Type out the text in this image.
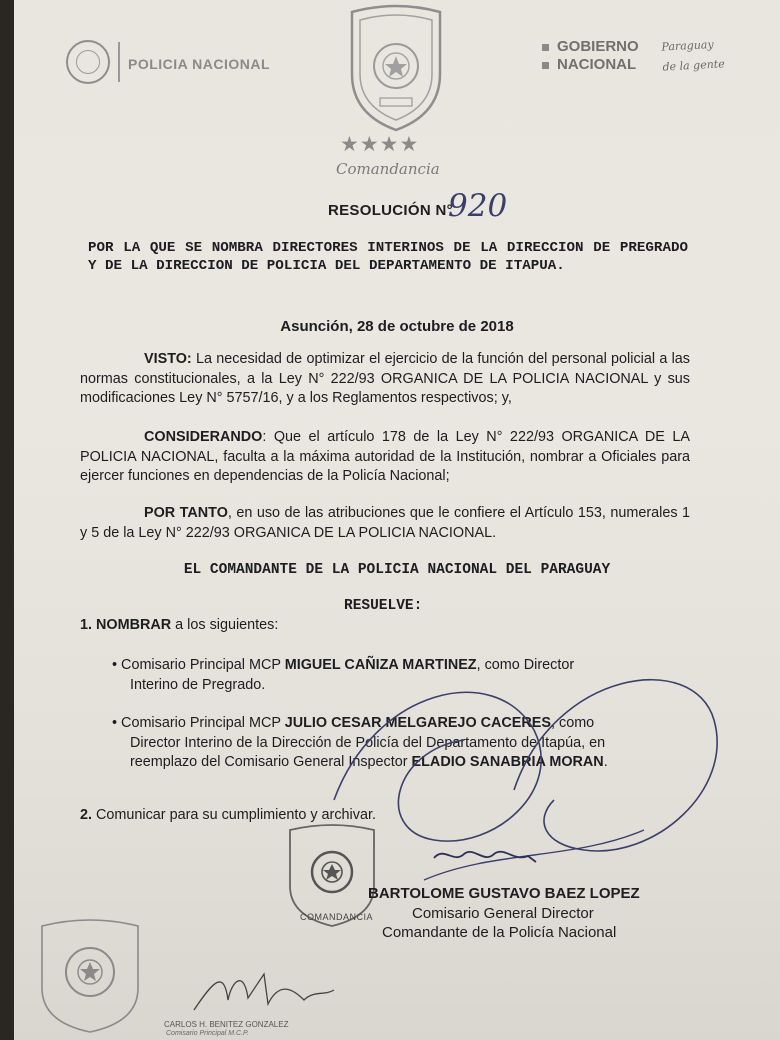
POLICIA NACIONAL
GOBIERNO
NACIONAL
Paraguay
de la gente
★★★★
Comandancia
RESOLUCIÓN N°
920
POR LA QUE SE NOMBRA DIRECTORES INTERINOS DE LA DIRECCION DE PREGRADO Y DE LA DIRECCION DE POLICIA DEL DEPARTAMENTO DE ITAPUA.
Asunción, 28 de octubre de 2018
VISTO: La necesidad de optimizar el ejercicio de la función del personal policial a las normas constitucionales, a la Ley N° 222/93 ORGANICA DE LA POLICIA NACIONAL y sus modificaciones Ley N° 5757/16, y a los Reglamentos respectivos; y,
CONSIDERANDO: Que el artículo 178 de la Ley N° 222/93 ORGANICA DE LA POLICIA NACIONAL, faculta a la máxima autoridad de la Institución, nombrar a Oficiales para ejercer funciones en dependencias de la Policía Nacional;
POR TANTO, en uso de las atribuciones que le confiere el Artículo 153, numerales 1 y 5 de la Ley N° 222/93 ORGANICA DE LA POLICIA NACIONAL.
EL COMANDANTE DE LA POLICIA NACIONAL DEL PARAGUAY
RESUELVE:
1. NOMBRAR a los siguientes:
• Comisario Principal MCP MIGUEL CAÑIZA MARTINEZ, como Director
Interino de Pregrado.
• Comisario Principal MCP JULIO CESAR MELGAREJO CACERES, como
Director Interino de la Dirección de Policía del Departamento de Itapúa, en
reemplazo del Comisario General Inspector ELADIO SANABRIA MORAN.
2. Comunicar para su cumplimiento y archivar.
COMANDANCIA
BARTOLOME GUSTAVO BAEZ LOPEZ
Comisario General Director
Comandante de la Policía Nacional
CARLOS H. BENITEZ GONZALEZ
Comisario Principal M.C.P.
